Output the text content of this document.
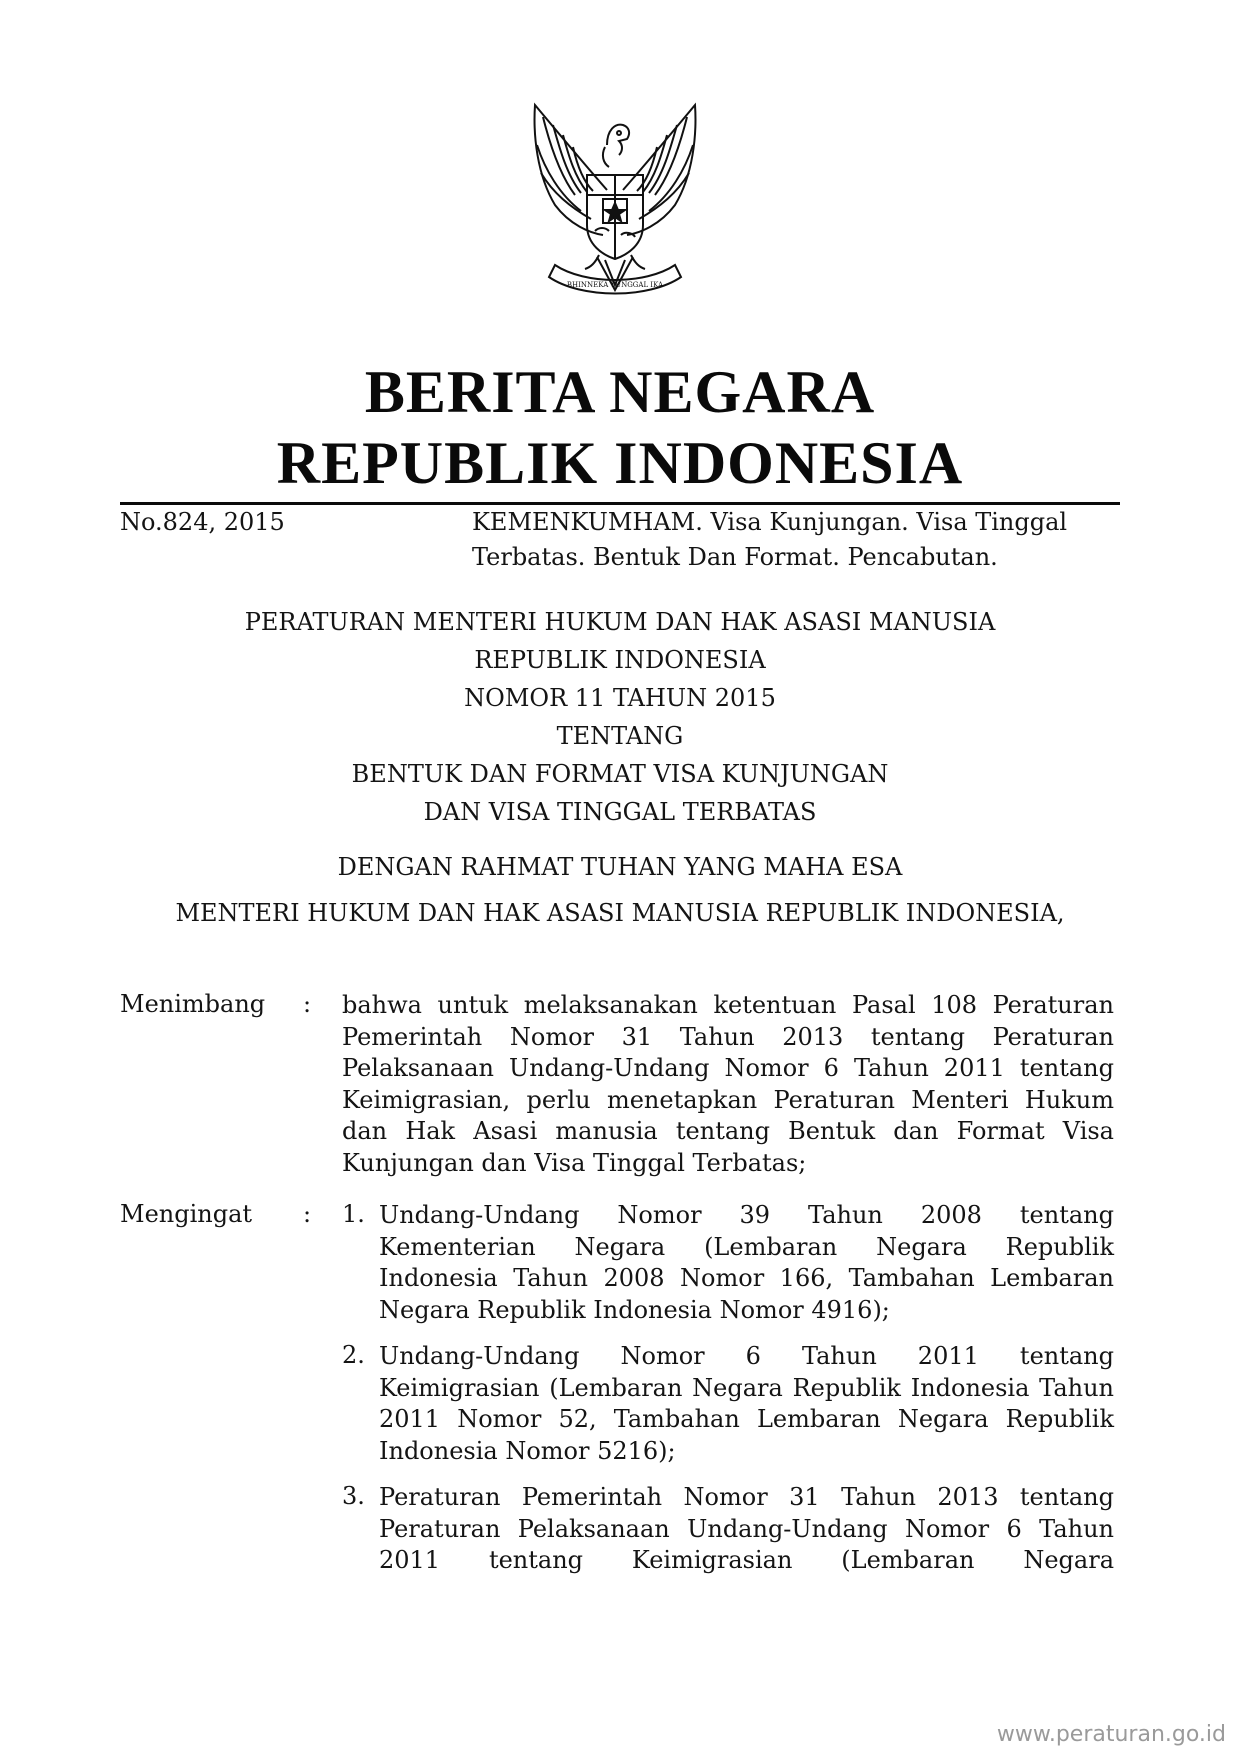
BHINNEKA TUNGGAL IKA
BERITA NEGARA
REPUBLIK INDONESIA
No.824, 2015	KEMENKUMHAM. Visa Kunjungan. Visa Tinggal
Terbatas. Bentuk Dan Format. Pencabutan.
PERATURAN MENTERI HUKUM DAN HAK ASASI MANUSIA
REPUBLIK INDONESIA
NOMOR 11 TAHUN 2015
TENTANG
BENTUK DAN FORMAT VISA KUNJUNGAN
DAN VISA TINGGAL TERBATAS
DENGAN RAHMAT TUHAN YANG MAHA ESA
MENTERI HUKUM DAN HAK ASASI MANUSIA REPUBLIK INDONESIA,
Menimbang : bahwa untuk melaksanakan ketentuan Pasal 108 Peraturan Pemerintah Nomor 31 Tahun 2013 tentang Peraturan Pelaksanaan Undang-Undang Nomor 6 Tahun 2011 tentang Keimigrasian, perlu menetapkan Peraturan Menteri Hukum dan Hak Asasi manusia tentang Bentuk dan Format Visa Kunjungan dan Visa Tinggal Terbatas;
Mengingat : 1. Undang-Undang Nomor 39 Tahun 2008 tentang Kementerian Negara (Lembaran Negara Republik Indonesia Tahun 2008 Nomor 166, Tambahan Lembaran Negara Republik Indonesia Nomor 4916);
2. Undang-Undang Nomor 6 Tahun 2011 tentang Keimigrasian (Lembaran Negara Republik Indonesia Tahun 2011 Nomor 52, Tambahan Lembaran Negara Republik Indonesia Nomor 5216);
3. Peraturan Pemerintah Nomor 31 Tahun 2013 tentang Peraturan Pelaksanaan Undang-Undang Nomor 6 Tahun 2011 tentang Keimigrasian (Lembaran Negara
www.peraturan.go.id
